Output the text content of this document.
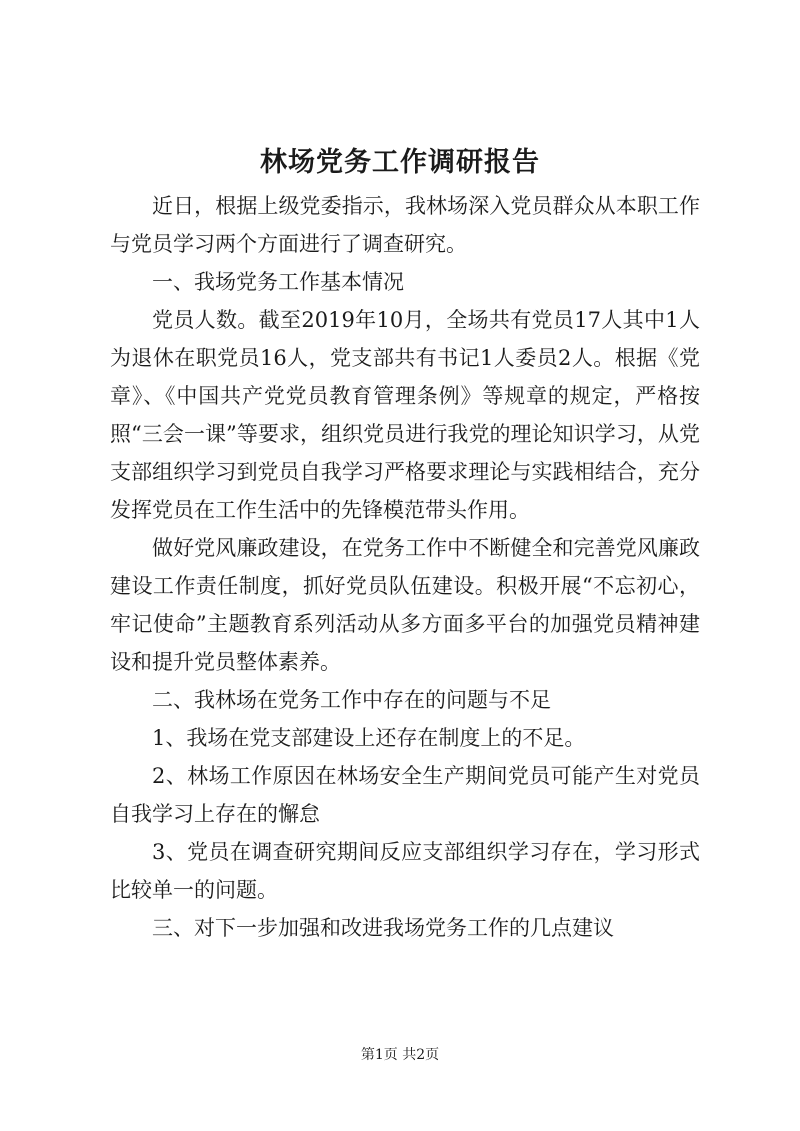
林场党务工作调研报告

近日，根据上级党委指示，我林场深入党员群众从本职工作与党员学习两个方面进行了调查研究。

一、我场党务工作基本情况

党员人数。截至2019年10月，全场共有党员17人其中1人为退休在职党员16人，党支部共有书记1人委员2人。根据《党章》、《中国共产党党员教育管理条例》等规章的规定，严格按照“三会一课”等要求，组织党员进行我党的理论知识学习，从党支部组织学习到党员自我学习严格要求理论与实践相结合，充分发挥党员在工作生活中的先锋模范带头作用。

做好党风廉政建设，在党务工作中不断健全和完善党风廉政建设工作责任制度，抓好党员队伍建设。积极开展“不忘初心，牢记使命”主题教育系列活动从多方面多平台的加强党员精神建设和提升党员整体素养。

二、我林场在党务工作中存在的问题与不足

1、我场在党支部建设上还存在制度上的不足。

2、林场工作原因在林场安全生产期间党员可能产生对党员自我学习上存在的懈怠

3、党员在调查研究期间反应支部组织学习存在，学习形式比较单一的问题。

三、对下一步加强和改进我场党务工作的几点建议

第1页 共2页
